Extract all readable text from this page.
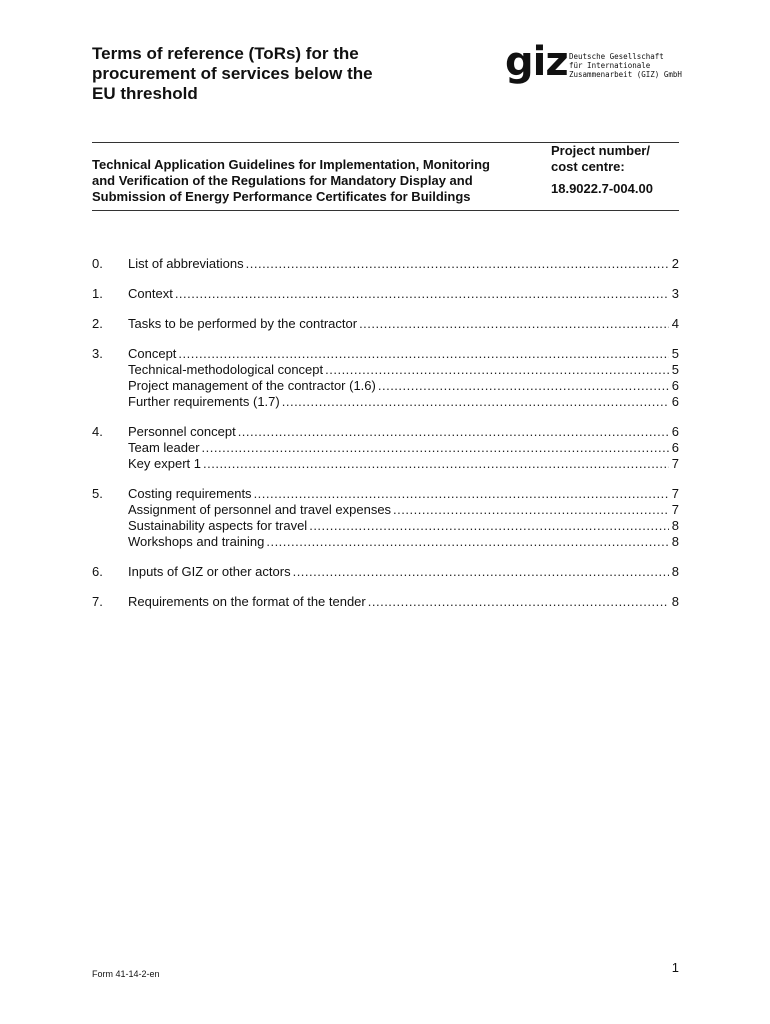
Terms of reference (ToRs) for the
procurement of services below the
EU threshold
giz Deutsche Gesellschaft
für Internationale
Zusammenarbeit (GIZ) GmbH
Technical Application Guidelines for Implementation, Monitoring
and Verification of the Regulations for Mandatory Display and
Submission of Energy Performance Certificates for Buildings
Project number/
cost centre:
18.9022.7-004.00
0.	List of abbreviations .....	2
1.	Context .....	3
2.	Tasks to be performed by the contractor .....	4
3.	Concept .....	5
Technical-methodological concept .....	5
Project management of the contractor (1.6) .....	6
Further requirements (1.7) .....	6
4.	Personnel concept .....	6
Team leader .....	6
Key expert 1 .....	7
5.	Costing requirements .....	7
Assignment of personnel and travel expenses .....	7
Sustainability aspects for travel .....	8
Workshops and training .....	8
6.	Inputs of GIZ or other actors .....	8
7.	Requirements on the format of the tender .....	8
Form 41-14-2-en	1
